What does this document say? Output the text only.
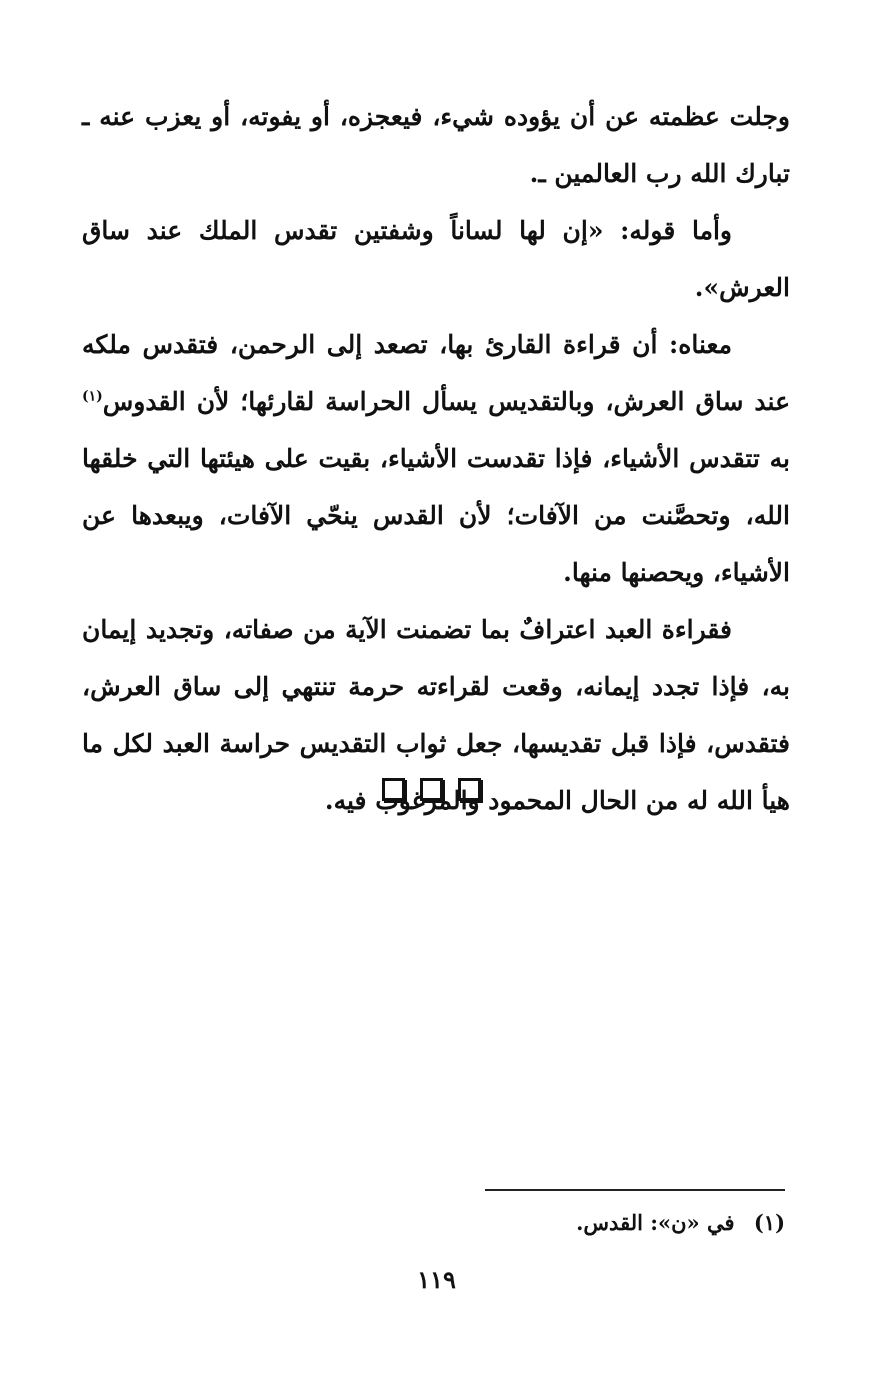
وجلت عظمته عن أن يؤوده شيء، فيعجزه، أو يفوته، أو يعزب عنه ـ تبارك الله رب العالمين ـ.

وأما قوله: «إن لها لساناً وشفتين تقدس الملك عند ساق العرش».

معناه: أن قراءة القارئ بها، تصعد إلى الرحمن، فتقدس ملكه عند ساق العرش، وبالتقديس يسأل الحراسة لقارئها؛ لأن القدوس$^{(١)}$ به تتقدس الأشياء، فإذا تقدست الأشياء، بقيت على هيئتها التي خلقها الله، وتحصَّنت من الآفات؛ لأن القدس ينحّي الآفات، ويبعدها عن الأشياء، ويحصنها منها.

فقراءة العبد اعترافٌ بما تضمنت الآية من صفاته، وتجديد إيمان به، فإذا تجدد إيمانه، وقعت لقراءته حرمة تنتهي إلى ساق العرش، فتقدس، فإذا قبل تقديسها، جعل ثواب التقديس حراسة العبد لكل ما هيأ الله له من الحال المحمود والمرغوب فيه.

(١) في «ن»: القدس.
١١٩
